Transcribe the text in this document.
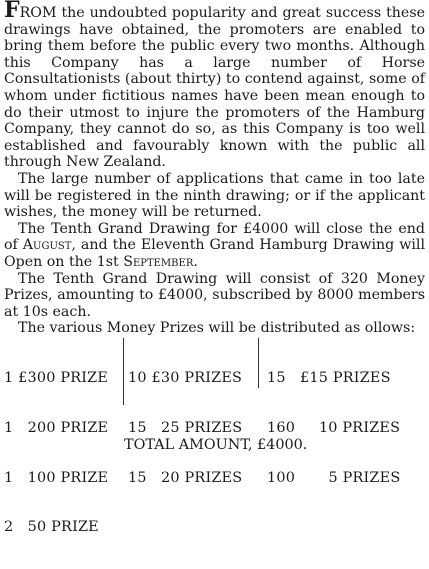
FROM the undoubted popularity and great success these drawings have obtained, the promoters are enabled to bring them before the public every two months. Although this Company has a large number of Horse Consultationists (about thirty) to contend against, some of whom under fictitious names have been mean enough to do their utmost to injure the promoters of the Hamburg Company, they cannot do so, as this Company is too well established and favourably known with the public all through New Zealand.

The large number of applications that came in too late will be registered in the ninth drawing; or if the applicant wishes, the money will be returned.

The Tenth Grand Drawing for £4000 will close the end of August, and the Eleventh Grand Hamburg Drawing will Open on the 1st September.

The Tenth Grand Drawing will consist of 320 Money Prizes, amounting to £4000, subscribed by 8000 members at 10s each.

The various Money Prizes will be distributed as ollows:

1 £300 PRIZE

1   200 PRIZE

1   100 PRIZE

2   50 PRIZE

10 £30 PRIZES

15   25 PRIZES

15   20 PRIZES

15   £15 PRIZES

160     10 PRIZES

100       5 PRIZES

TOTAL AMOUNT, £4000.
